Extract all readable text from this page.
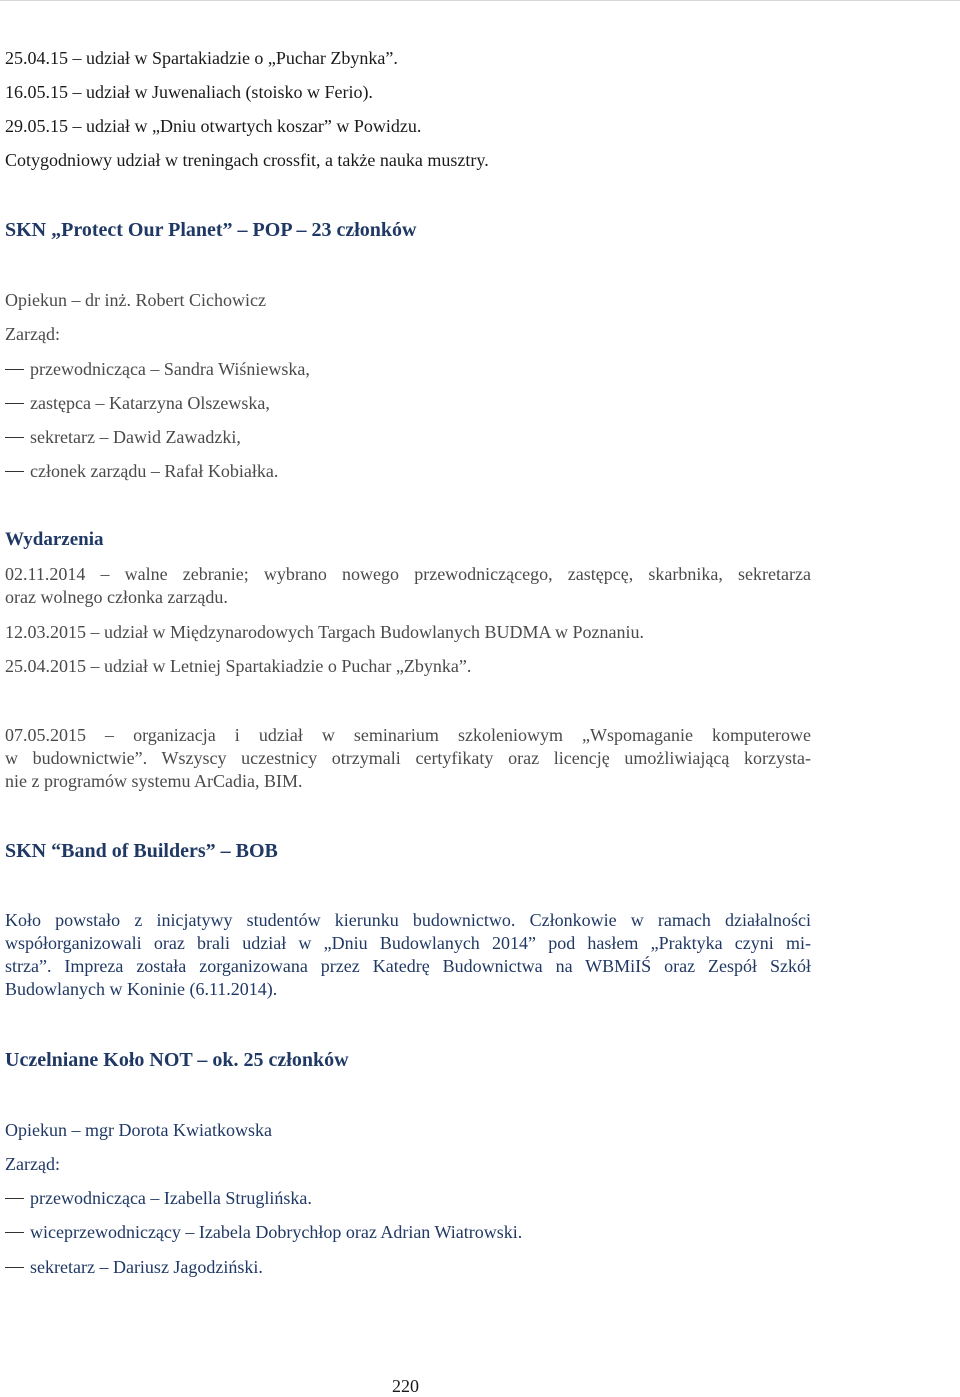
25.04.15 – udział w Spartakiadzie o „Puchar Zbynka”.
16.05.15 – udział w Juwenaliach (stoisko w Ferio).
29.05.15 – udział w „Dniu otwartych koszar” w Powidzu.
Cotygodniowy udział w treningach crossfit, a także nauka musztry.
SKN „Protect Our Planet” – POP – 23 członków
Opiekun – dr inż. Robert Cichowicz
Zarząd:
przewodnicząca – Sandra Wiśniewska,
zastępca – Katarzyna Olszewska,
sekretarz – Dawid Zawadzki,
członek zarządu – Rafał Kobiałka.
Wydarzenia
02.11.2014 – walne zebranie; wybrano nowego przewodniczącego, zastępcę, skarbnika, sekretarza
oraz wolnego członka zarządu.
12.03.2015 – udział w Międzynarodowych Targach Budowlanych BUDMA w Poznaniu.
25.04.2015 – udział w Letniej Spartakiadzie o Puchar „Zbynka”.
07.05.2015 – organizacja i udział w seminarium szkoleniowym „Wspomaganie komputerowe
w budownictwie”. Wszyscy uczestnicy otrzymali certyfikaty oraz licencję umożliwiającą korzysta-
nie z programów systemu ArCadia, BIM.
SKN “Band of Builders” – BOB
Koło powstało z inicjatywy studentów kierunku budownictwo. Członkowie w ramach działalności
współorganizowali oraz brali udział w „Dniu Budowlanych 2014” pod hasłem „Praktyka czyni mi-
strza”. Impreza została zorganizowana przez Katedrę Budownictwa na WBMiIŚ oraz Zespół Szkół
Budowlanych w Koninie (6.11.2014).
Uczelniane Koło NOT – ok. 25 członków
Opiekun – mgr Dorota Kwiatkowska
Zarząd:
przewodnicząca – Izabella Struglińska.
wiceprzewodniczący – Izabela Dobrychłop oraz Adrian Wiatrowski.
sekretarz – Dariusz Jagodziński.
220
